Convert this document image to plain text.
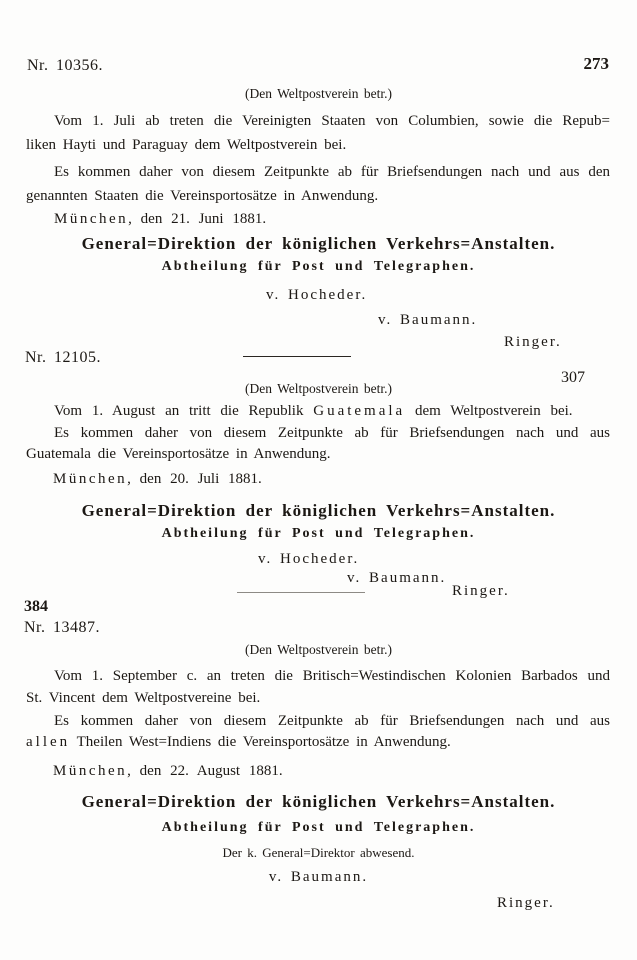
Nr. 10356.	273
(Den Weltpostverein betr.)
Vom 1. Juli ab treten die Vereinigten Staaten von Columbien, sowie die Repub=
liken Hayti und Paraguay dem Weltpostverein bei.
Es kommen daher von diesem Zeitpunkte ab für Briefsendungen nach und aus den
genannten Staaten die Vereinsportosätze in Anwendung.
München, den 21. Juni 1881.
General=Direktion der königlichen Verkehrs=Anstalten.
Abtheilung für Post und Telegraphen.
v. Hocheder.
v. Baumann.
Ringer.
Nr. 12105.
307
(Den Weltpostverein betr.)
Vom 1. August an tritt die Republik Guatemala dem Weltpostverein bei.
Es kommen daher von diesem Zeitpunkte ab für Briefsendungen nach und aus
Guatemala die Vereinsportosätze in Anwendung.
München, den 20. Juli 1881.
General=Direktion der königlichen Verkehrs=Anstalten.
Abtheilung für Post und Telegraphen.
v. Hocheder.
v. Baumann.
Ringer.
384
Nr. 13487.
(Den Weltpostverein betr.)
Vom 1. September c. an treten die Britisch=Westindischen Kolonien Barbados und
St. Vincent dem Weltpostvereine bei.
Es kommen daher von diesem Zeitpunkte ab für Briefsendungen nach und aus
allen Theilen West=Indiens die Vereinsportosätze in Anwendung.
München, den 22. August 1881.
General=Direktion der königlichen Verkehrs=Anstalten.
Abtheilung für Post und Telegraphen.
Der k. General=Direktor abwesend.
v. Baumann.
Ringer.
